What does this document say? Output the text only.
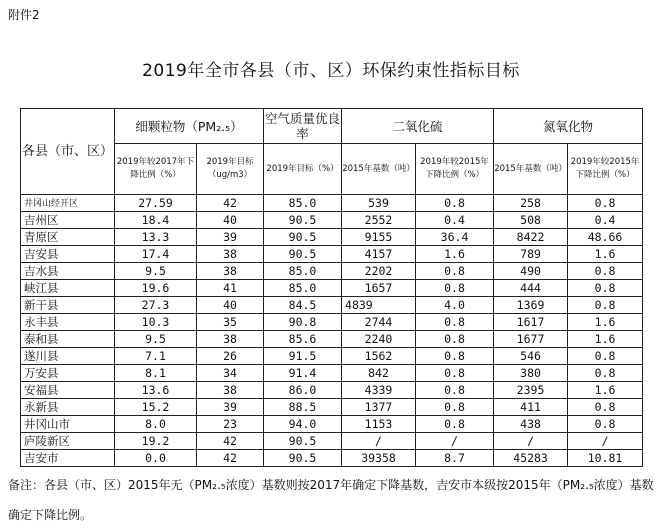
附件2
2019年全市各县（市、区）环保约束性指标目标
各县（市、区）	细颗粒物（PM₂.₅）		空气质量优良率	二氧化硫		氮氧化物	
	2019年较2017年下降比例（%）	2019年目标（ug/m3）	2019年目标（%）	2015年基数（吨）	2019年较2015年下降比例（%）	2015年基数（吨）	2019年较2015年下降比例（%）
井冈山经开区	27.59	42	85.0	539	0.8	258	0.8
吉州区	18.4	40	90.5	2552	0.4	508	0.4
青原区	13.3	39	90.5	9155	36.4	8422	48.66
吉安县	17.4	38	90.5	4157	1.6	789	1.6
吉水县	9.5	38	85.0	2202	0.8	490	0.8
峡江县	19.6	41	85.0	1657	0.8	444	0.8
新干县	27.3	40	84.5	4839	4.0	1369	0.8
永丰县	10.3	35	90.8	2744	0.8	1617	1.6
泰和县	9.5	38	85.6	2240	0.8	1677	1.6
遂川县	7.1	26	91.5	1562	0.8	546	0.8
万安县	8.1	34	91.4	842	0.8	380	0.8
安福县	13.6	38	86.0	4339	0.8	2395	1.6
永新县	15.2	39	88.5	1377	0.8	411	0.8
井冈山市	8.0	23	94.0	1153	0.8	438	0.8
庐陵新区	19.2	42	90.5	/	/	/	/
吉安市	0.0	42	90.5	39358	8.7	45283	10.81
备注：各县（市、区）2015年无（PM₂.₅浓度）基数则按2017年确定下降基数，吉安市本级按2015年（PM₂.₅浓度）基数确定下降比例。
